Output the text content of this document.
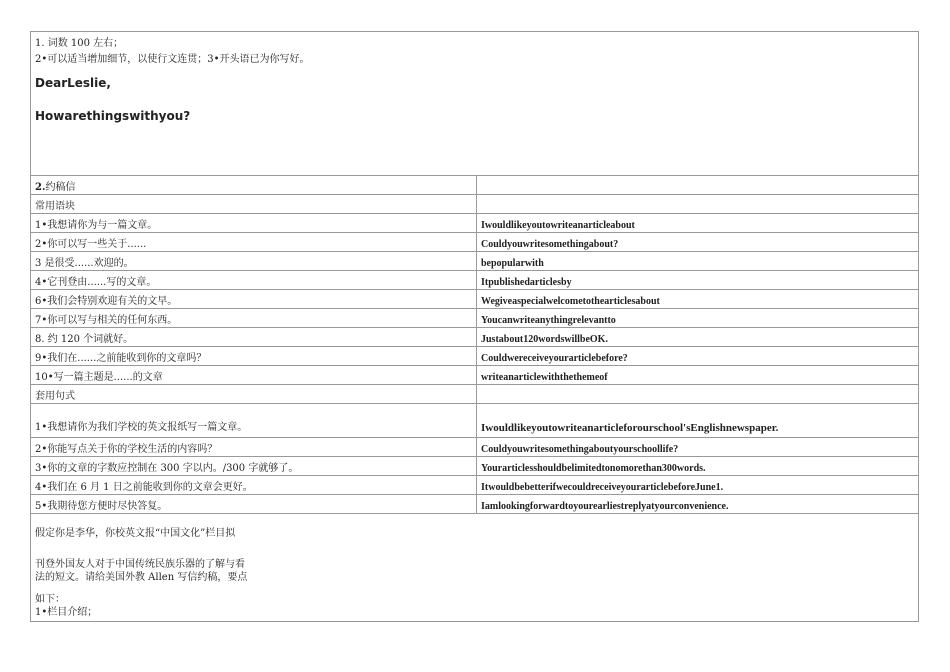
1. 词数 100 左右；
2•可以适当增加细节，以使行文连贯；3•开头语已为你写好。
DearLeslie,
Howarethingswithyou?
2.约稿信	
常用语块	
1•我想请你为与一篇文章。	Iwouldlikeyoutowriteanarticleabout
2•你可以写一些关于......	Couldyouwritesomethingabout?
3 是很受......欢迎的。	bepopularwith
4•它刊登由......写的文章。	Itpublishedarticlesby
6•我们会特别欢迎有关的文早。	Wegiveaspecialwelcometothearticlesabout
7•你可以写与相关的任何东西。	Youcanwriteanythingrelevantto
8. 约 120 个词就好。	Justabout120wordswillbeOK.
9•我们在......之前能收到你的文章吗？	Couldwereceiveyourarticlebefore?
10•写一篇主题是......的文章	writeanarticlewiththethemeof
套用句式	
1•我想请你为我们学校的英文报纸写一篇文章。	Iwouldlikeyoutowriteanarticleforourschool'sEnglishnewspaper.
2•你能写点关于你的学校生活的内容吗？	Couldyouwritesomethingaboutyourschoollife?
3•你的文章的字数应控制在 300 字以内。/300 字就够了。	Yourarticlesshouldbelimitedtonomorethan300words.
4•我们在 6 月 1 日之前能收到你的文章会更好。	ItwouldbebetterifwecouldreceiveyourarticlebeforeJune1.
5•我期待您方便时尽快答复。	Iamlookingforwardtoyourearliestreplyatyourconvenience.
假定你是李华，你校英文报“中国文化”栏目拟
刊登外国友人对于中国传统民族乐器的了解与看
法的短文。请给美国外教 Allen 写信约稿，要点
如下：
1•栏目介绍；
